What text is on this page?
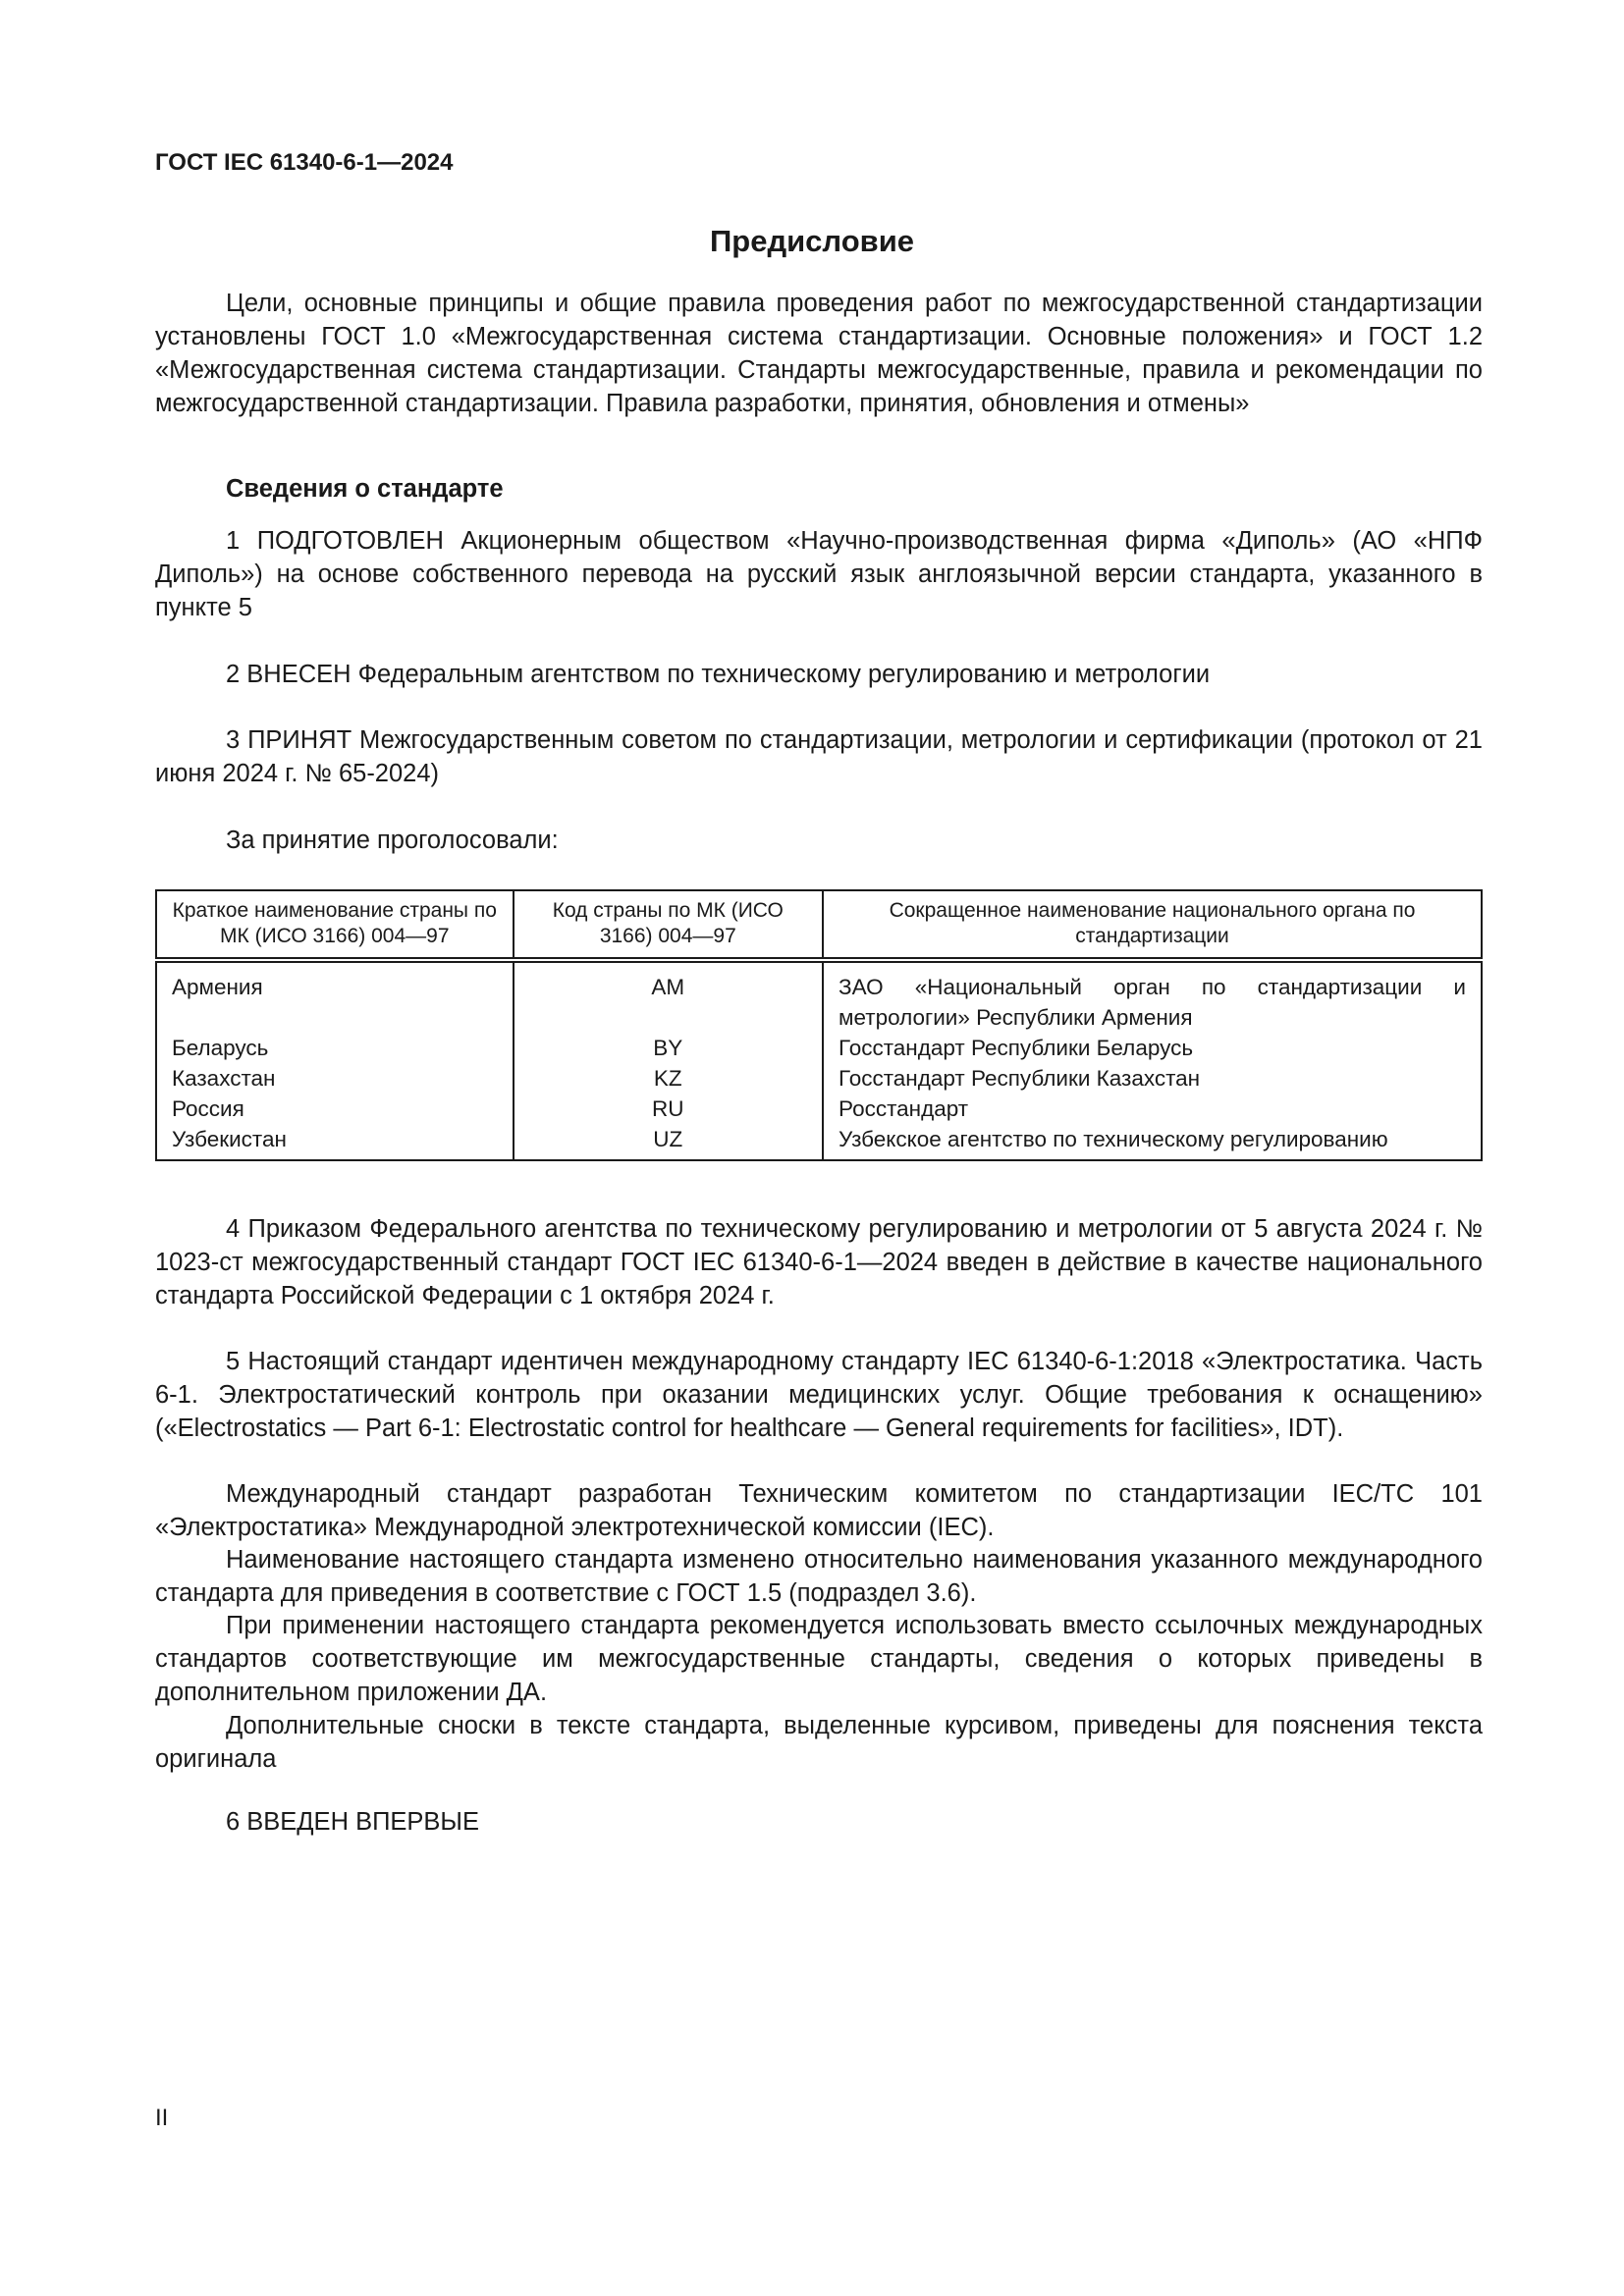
ГОСТ IEC 61340-6-1—2024

Предисловие

Цели, основные принципы и общие правила проведения работ по межгосударственной стандартизации установлены ГОСТ 1.0 «Межгосударственная система стандартизации. Основные положения» и ГОСТ 1.2 «Межгосударственная система стандартизации. Стандарты межгосударственные, правила и рекомендации по межгосударственной стандартизации. Правила разработки, принятия, обновления и отмены»

Сведения о стандарте

1 ПОДГОТОВЛЕН Акционерным обществом «Научно-производственная фирма «Диполь» (АО «НПФ Диполь») на основе собственного перевода на русский язык англоязычной версии стандарта, указанного в пункте 5

2 ВНЕСЕН Федеральным агентством по техническому регулированию и метрологии

3 ПРИНЯТ Межгосударственным советом по стандартизации, метрологии и сертификации (протокол от 21 июня 2024 г. № 65-2024)

За принятие проголосовали:

Краткое наименование страны по МК (ИСО 3166) 004—97	Код страны по МК (ИСО 3166) 004—97	Сокращенное наименование национального органа по стандартизации
Армения	AM	ЗАО «Национальный орган по стандартизации и метрологии» Республики Армения
Беларусь	BY	Госстандарт Республики Беларусь
Казахстан	KZ	Госстандарт Республики Казахстан
Россия	RU	Росстандарт
Узбекистан	UZ	Узбекское агентство по техническому регулированию

4 Приказом Федерального агентства по техническому регулированию и метрологии от 5 августа 2024 г. № 1023-ст межгосударственный стандарт ГОСТ IEC 61340-6-1—2024 введен в действие в качестве национального стандарта Российской Федерации с 1 октября 2024 г.

5 Настоящий стандарт идентичен международному стандарту IEC 61340-6-1:2018 «Электростатика. Часть 6-1. Электростатический контроль при оказании медицинских услуг. Общие требования к оснащению» («Electrostatics — Part 6-1: Electrostatic control for healthcare — General requirements for facilities», IDT).

Международный стандарт разработан Техническим комитетом по стандартизации IEC/TC 101 «Электростатика» Международной электротехнической комиссии (IEC).

Наименование настоящего стандарта изменено относительно наименования указанного международного стандарта для приведения в соответствие с ГОСТ 1.5 (подраздел 3.6).

При применении настоящего стандарта рекомендуется использовать вместо ссылочных международных стандартов соответствующие им межгосударственные стандарты, сведения о которых приведены в дополнительном приложении ДА.

Дополнительные сноски в тексте стандарта, выделенные курсивом, приведены для пояснения текста оригинала

6 ВВЕДЕН ВПЕРВЫЕ

II
